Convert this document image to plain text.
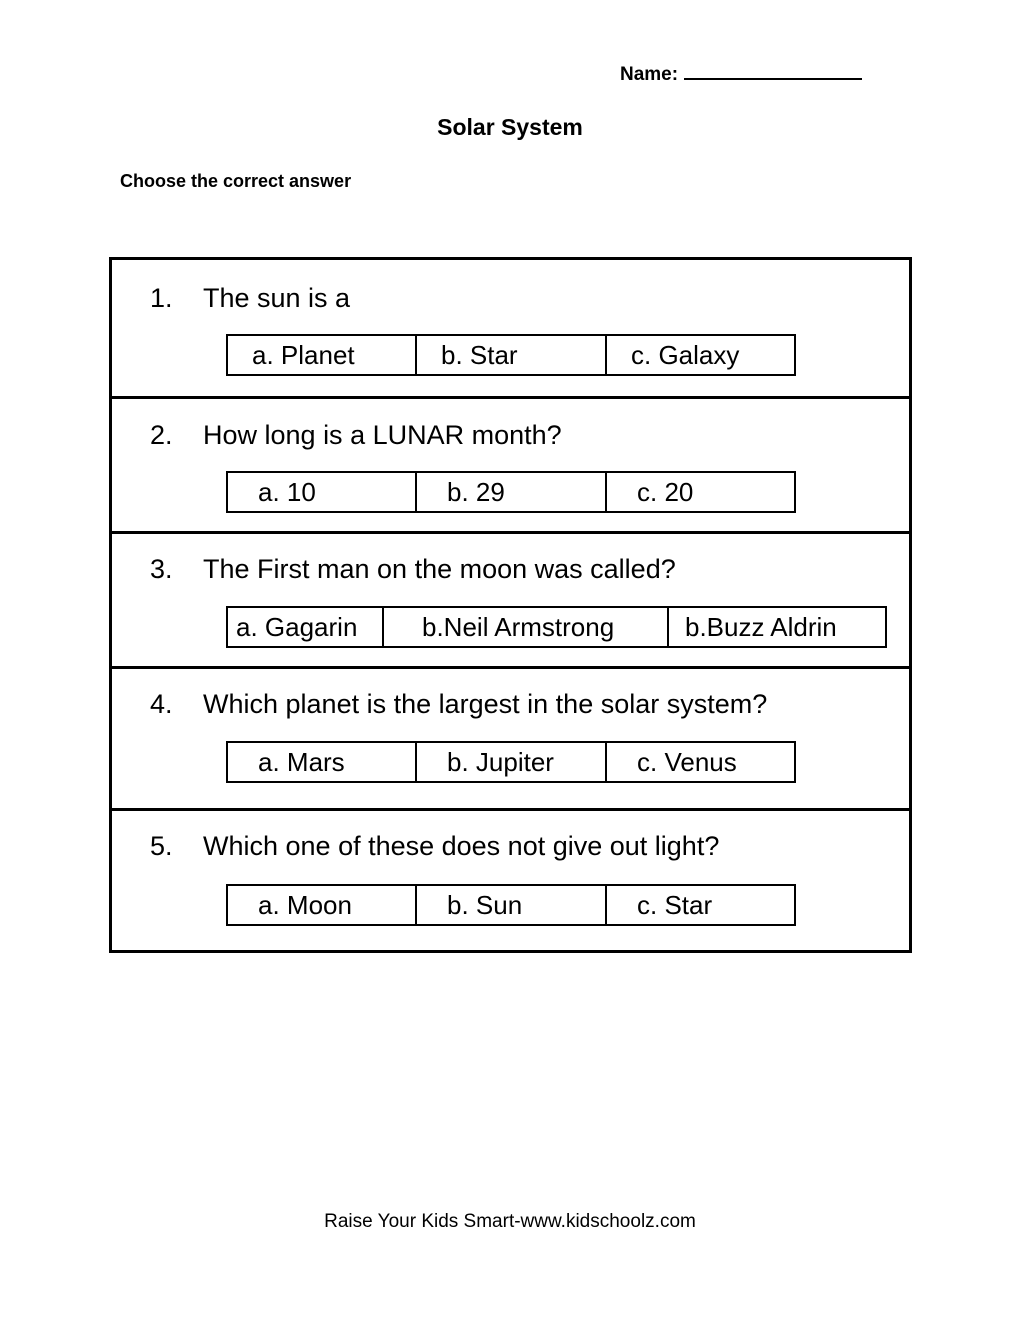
Name:
Solar System
Choose the correct answer
1. The sun is a
a. Planet	b. Star	c. Galaxy
2. How long is a LUNAR month?
a. 10	b. 29	c. 20
3. The First man on the moon was called?
a. Gagarin	b.Neil Armstrong	b.Buzz Aldrin
4. Which planet is the largest in the solar system?
a. Mars	b. Jupiter	c. Venus
5. Which one of these does not give out light?
a. Moon	b. Sun	c. Star
Raise Your Kids Smart-www.kidschoolz.com
